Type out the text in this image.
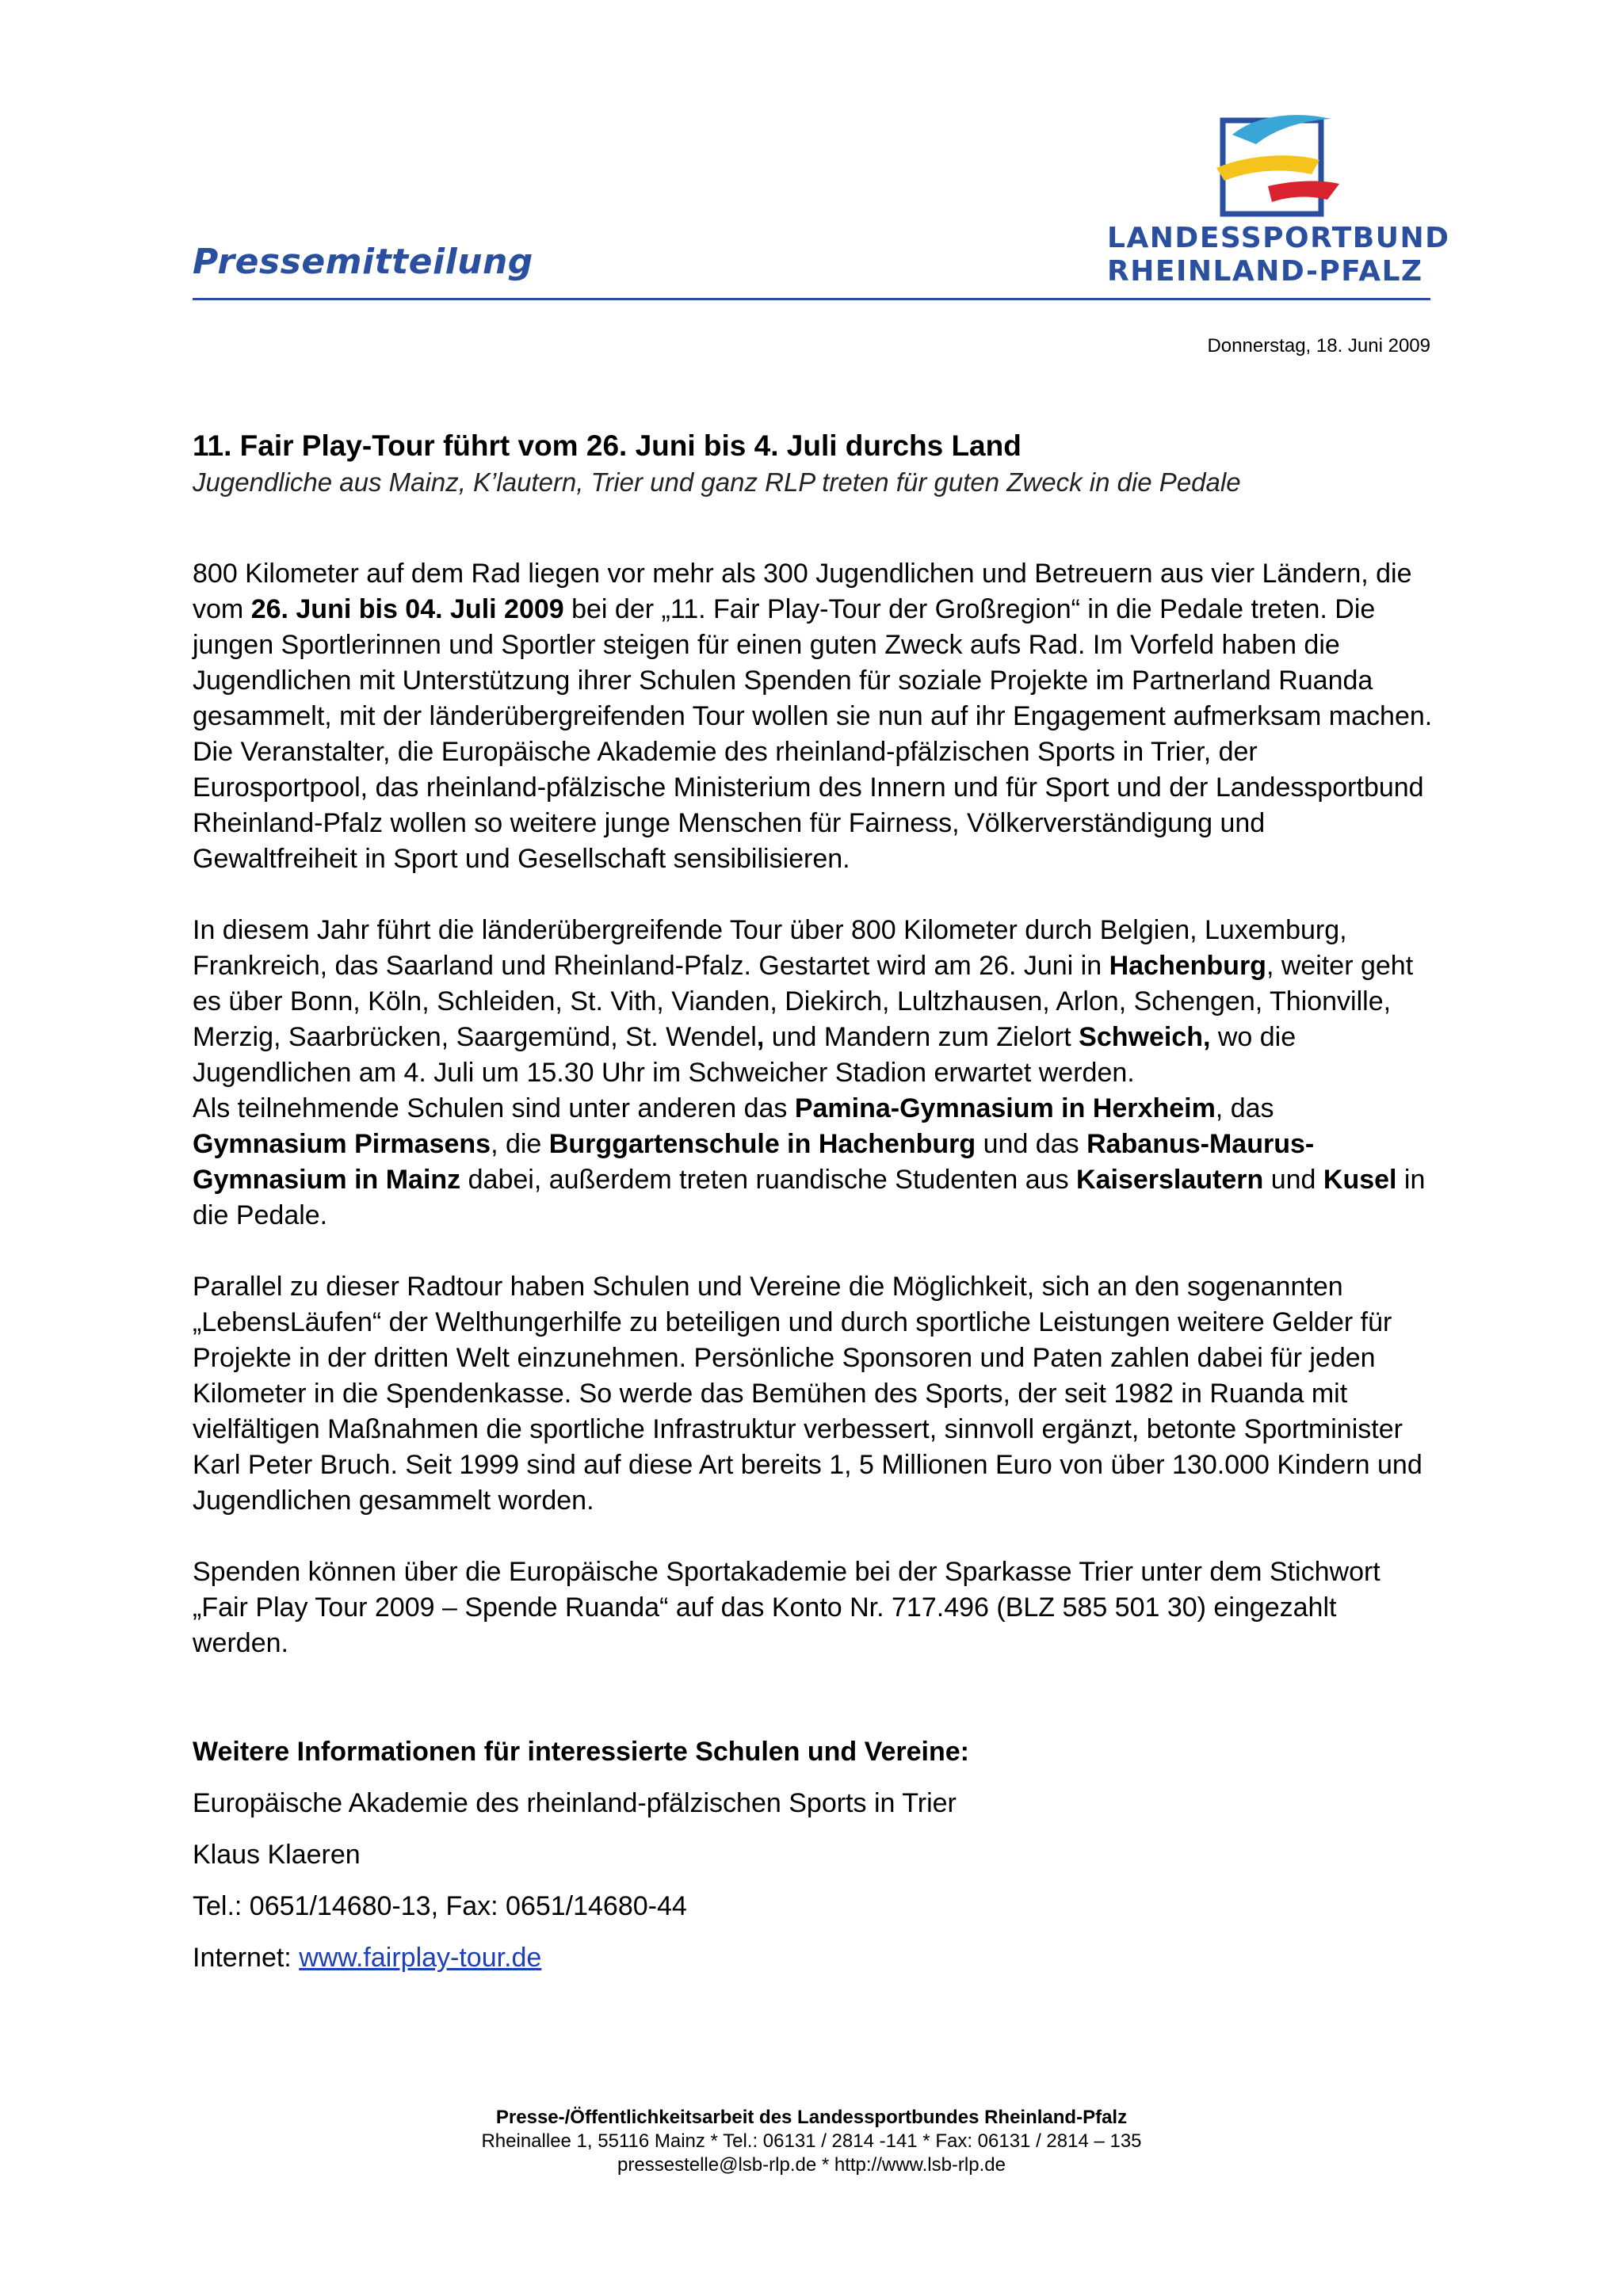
Pressemitteilung
LANDESSPORTBUND
RHEINLAND-PFALZ
Donnerstag, 18. Juni 2009
11. Fair Play-Tour führt vom 26. Juni bis 4. Juli durchs Land
Jugendliche aus Mainz, K’lautern, Trier und ganz RLP treten für guten Zweck in die Pedale

800 Kilometer auf dem Rad liegen vor mehr als 300 Jugendlichen und Betreuern aus vier Ländern, die vom 26. Juni bis 04. Juli 2009 bei der „11. Fair Play-Tour der Großregion“ in die Pedale treten. Die jungen Sportlerinnen und Sportler steigen für einen guten Zweck aufs Rad. Im Vorfeld haben die Jugendlichen mit Unterstützung ihrer Schulen Spenden für soziale Projekte im Partnerland Ruanda gesammelt, mit der länderübergreifenden Tour wollen sie nun auf ihr Engagement aufmerksam machen.

Die Veranstalter, die Europäische Akademie des rheinland-pfälzischen Sports in Trier, der Eurosportpool, das rheinland-pfälzische Ministerium des Innern und für Sport und der Landessportbund Rheinland-Pfalz wollen so weitere junge Menschen für Fairness, Völkerverständigung und Gewaltfreiheit in Sport und Gesellschaft sensibilisieren.

In diesem Jahr führt die länderübergreifende Tour über 800 Kilometer durch Belgien, Luxemburg, Frankreich, das Saarland und Rheinland-Pfalz. Gestartet wird am 26. Juni in Hachenburg, weiter geht es über Bonn, Köln, Schleiden, St. Vith, Vianden, Diekirch, Lultzhausen, Arlon, Schengen, Thionville, Merzig, Saarbrücken, Saargemünd, St. Wendel, und Mandern zum Zielort Schweich, wo die Jugendlichen am 4. Juli um 15.30 Uhr im Schweicher Stadion erwartet werden.

Als teilnehmende Schulen sind unter anderen das Pamina-Gymnasium in Herxheim, das Gymnasium Pirmasens, die Burggartenschule in Hachenburg und das Rabanus-Maurus-Gymnasium in Mainz dabei, außerdem treten ruandische Studenten aus Kaiserslautern und Kusel in die Pedale.

Parallel zu dieser Radtour haben Schulen und Vereine die Möglichkeit, sich an den sogenannten „LebensLäufen“ der Welthungerhilfe zu beteiligen und durch sportliche Leistungen weitere Gelder für Projekte in der dritten Welt einzunehmen. Persönliche Sponsoren und Paten zahlen dabei für jeden Kilometer in die Spendenkasse. So werde das Bemühen des Sports, der seit 1982 in Ruanda mit vielfältigen Maßnahmen die sportliche Infrastruktur verbessert, sinnvoll ergänzt, betonte Sportminister Karl Peter Bruch. Seit 1999 sind auf diese Art bereits 1, 5 Millionen Euro von über 130.000 Kindern und Jugendlichen gesammelt worden.

Spenden können über die Europäische Sportakademie bei der Sparkasse Trier unter dem Stichwort „Fair Play Tour 2009 – Spende Ruanda“ auf das Konto Nr. 717.496 (BLZ 585 501 30) eingezahlt werden.

Weitere Informationen für interessierte Schulen und Vereine:
Europäische Akademie des rheinland-pfälzischen Sports in Trier
Klaus Klaeren
Tel.: 0651/14680-13, Fax: 0651/14680-44
Internet: www.fairplay-tour.de
Presse-/Öffentlichkeitsarbeit des Landessportbundes Rheinland-Pfalz
Rheinallee 1, 55116 Mainz * Tel.: 06131 / 2814 -141 * Fax: 06131 / 2814 – 135
pressestelle@lsb-rlp.de * http://www.lsb-rlp.de
